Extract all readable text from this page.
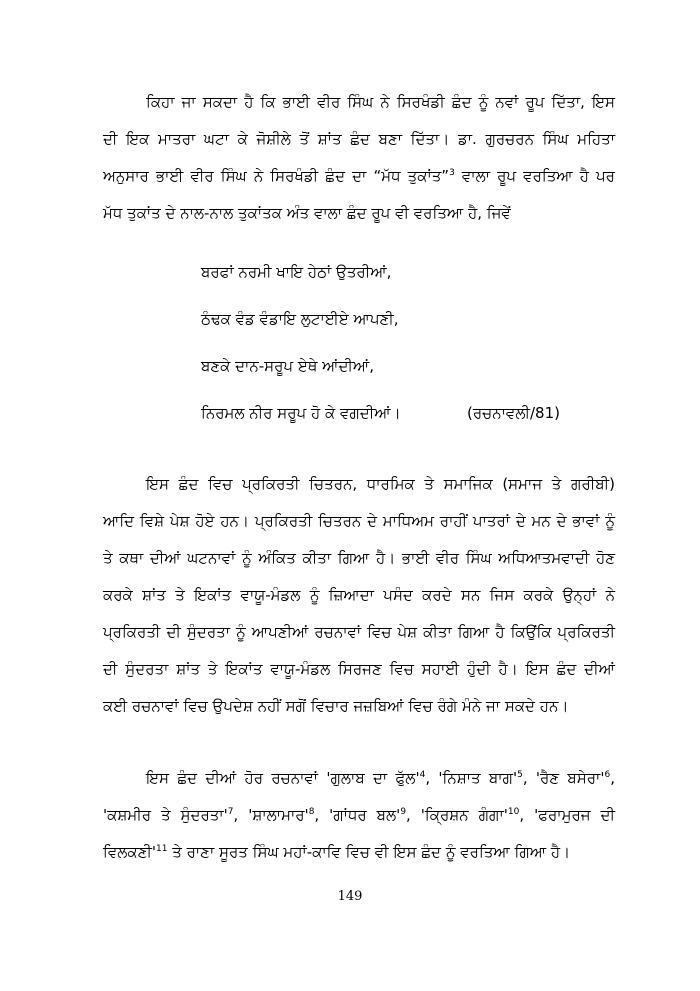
ਕਿਹਾ ਜਾ ਸਕਦਾ ਹੈ ਕਿ ਭਾਈ ਵੀਰ ਸਿੰਘ ਨੇ ਸਿਰਖੰਡੀ ਛੰਦ ਨੂੰ ਨਵਾਂ ਰੂਪ ਦਿੱਤਾ, ਇਸ
ਦੀ ਇਕ ਮਾਤਰਾ ਘਟਾ ਕੇ ਜੋਸ਼ੀਲੇ ਤੋਂ ਸ਼ਾਂਤ ਛੰਦ ਬਣਾ ਦਿੱਤਾ। ਡਾ. ਗੁਰਚਰਨ ਸਿੰਘ ਮਹਿਤਾ
ਅਨੁਸਾਰ ਭਾਈ ਵੀਰ ਸਿੰਘ ਨੇ ਸਿਰਖੰਡੀ ਛੰਦ ਦਾ “ਮੱਧ ਤੁਕਾਂਤ”$^3$ ਵਾਲਾ ਰੂਪ ਵਰਤਿਆ ਹੈ ਪਰ
ਮੱਧ ਤੁਕਾਂਤ ਦੇ ਨਾਲ-ਨਾਲ ਤੁਕਾਂਤਕ ਅੰਤ ਵਾਲਾ ਛੰਦ ਰੂਪ ਵੀ ਵਰਤਿਆ ਹੈ, ਜਿਵੇਂ
ਬਰਫਾਂ ਨਰਮੀ ਖਾਇ ਹੇਠਾਂ ਉਤਰੀਆਂ,
ਠੰਢਕ ਵੰਡ ਵੰਡਾਇ ਲੁਟਾਈਏ ਆਪਣੀ,
ਬਣਕੇ ਦਾਨ-ਸਰੂਪ ਏਥੇ ਆਂਦੀਆਂ,
ਨਿਰਮਲ ਨੀਰ ਸਰੂਪ ਹੋ ਕੇ ਵਗਦੀਆਂ।	(ਰਚਨਾਵਲੀ/81)
ਇਸ ਛੰਦ ਵਿਚ ਪ੍ਰਕਿਰਤੀ ਚਿਤਰਨ, ਧਾਰਮਿਕ ਤੇ ਸਮਾਜਿਕ (ਸਮਾਜ ਤੇ ਗਰੀਬੀ)
ਆਦਿ ਵਿਸ਼ੇ ਪੇਸ਼ ਹੋਏ ਹਨ। ਪ੍ਰਕਿਰਤੀ ਚਿਤਰਨ ਦੇ ਮਾਧਿਅਮ ਰਾਹੀਂ ਪਾਤਰਾਂ ਦੇ ਮਨ ਦੇ ਭਾਵਾਂ ਨੂੰ
ਤੇ ਕਥਾ ਦੀਆਂ ਘਟਨਾਵਾਂ ਨੂੰ ਅੰਕਿਤ ਕੀਤਾ ਗਿਆ ਹੈ। ਭਾਈ ਵੀਰ ਸਿੰਘ ਅਧਿਆਤਮਵਾਦੀ ਹੋਣ
ਕਰਕੇ ਸ਼ਾਂਤ ਤੇ ਇਕਾਂਤ ਵਾਯੂ-ਮੰਡਲ ਨੂੰ ਜ਼ਿਆਦਾ ਪਸੰਦ ਕਰਦੇ ਸਨ ਜਿਸ ਕਰਕੇ ਉਨ੍ਹਾਂ ਨੇ
ਪ੍ਰਕਿਰਤੀ ਦੀ ਸੁੰਦਰਤਾ ਨੂੰ ਆਪਣੀਆਂ ਰਚਨਾਵਾਂ ਵਿਚ ਪੇਸ਼ ਕੀਤਾ ਗਿਆ ਹੈ ਕਿਉਂਕਿ ਪ੍ਰਕਿਰਤੀ
ਦੀ ਸੁੰਦਰਤਾ ਸ਼ਾਂਤ ਤੇ ਇਕਾਂਤ ਵਾਯੂ-ਮੰਡਲ ਸਿਰਜਣ ਵਿਚ ਸਹਾਈ ਹੁੰਦੀ ਹੈ। ਇਸ ਛੰਦ ਦੀਆਂ
ਕਈ ਰਚਨਾਵਾਂ ਵਿਚ ਉਪਦੇਸ਼ ਨਹੀਂ ਸਗੋਂ ਵਿਚਾਰ ਜਜ਼ਬਿਆਂ ਵਿਚ ਰੰਗੇ ਮੰਨੇ ਜਾ ਸਕਦੇ ਹਨ।
ਇਸ ਛੰਦ ਦੀਆਂ ਹੋਰ ਰਚਨਾਵਾਂ 'ਗੁਲਾਬ ਦਾ $ਫੁੱਲ'^4$, 'ਨਿਸ਼ਾਤ $ਬਾਗ'^5$, 'ਰੈਣ $ਬਸੇਰਾ'^6$,
'ਕਸ਼ਮੀਰ ਤੇ $ਸੁੰਦਰਤਾ'^7$, '$ਸ਼ਾਲਾਮਾਰ'^8$, 'ਗਾਂਧਰ $ਬਲ'^9$, 'ਕ੍ਰਿਸ਼ਨ $ਗੰਗਾ'^{10}$, 'ਫਰਾਮੁਰਜ ਦੀ
$ਵਿਲਕਣੀ'^{11}$ ਤੇ ਰਾਣਾ ਸੂਰਤ ਸਿੰਘ ਮਹਾਂ-ਕਾਵਿ ਵਿਚ ਵੀ ਇਸ ਛੰਦ ਨੂੰ ਵਰਤਿਆ ਗਿਆ ਹੈ।
149
